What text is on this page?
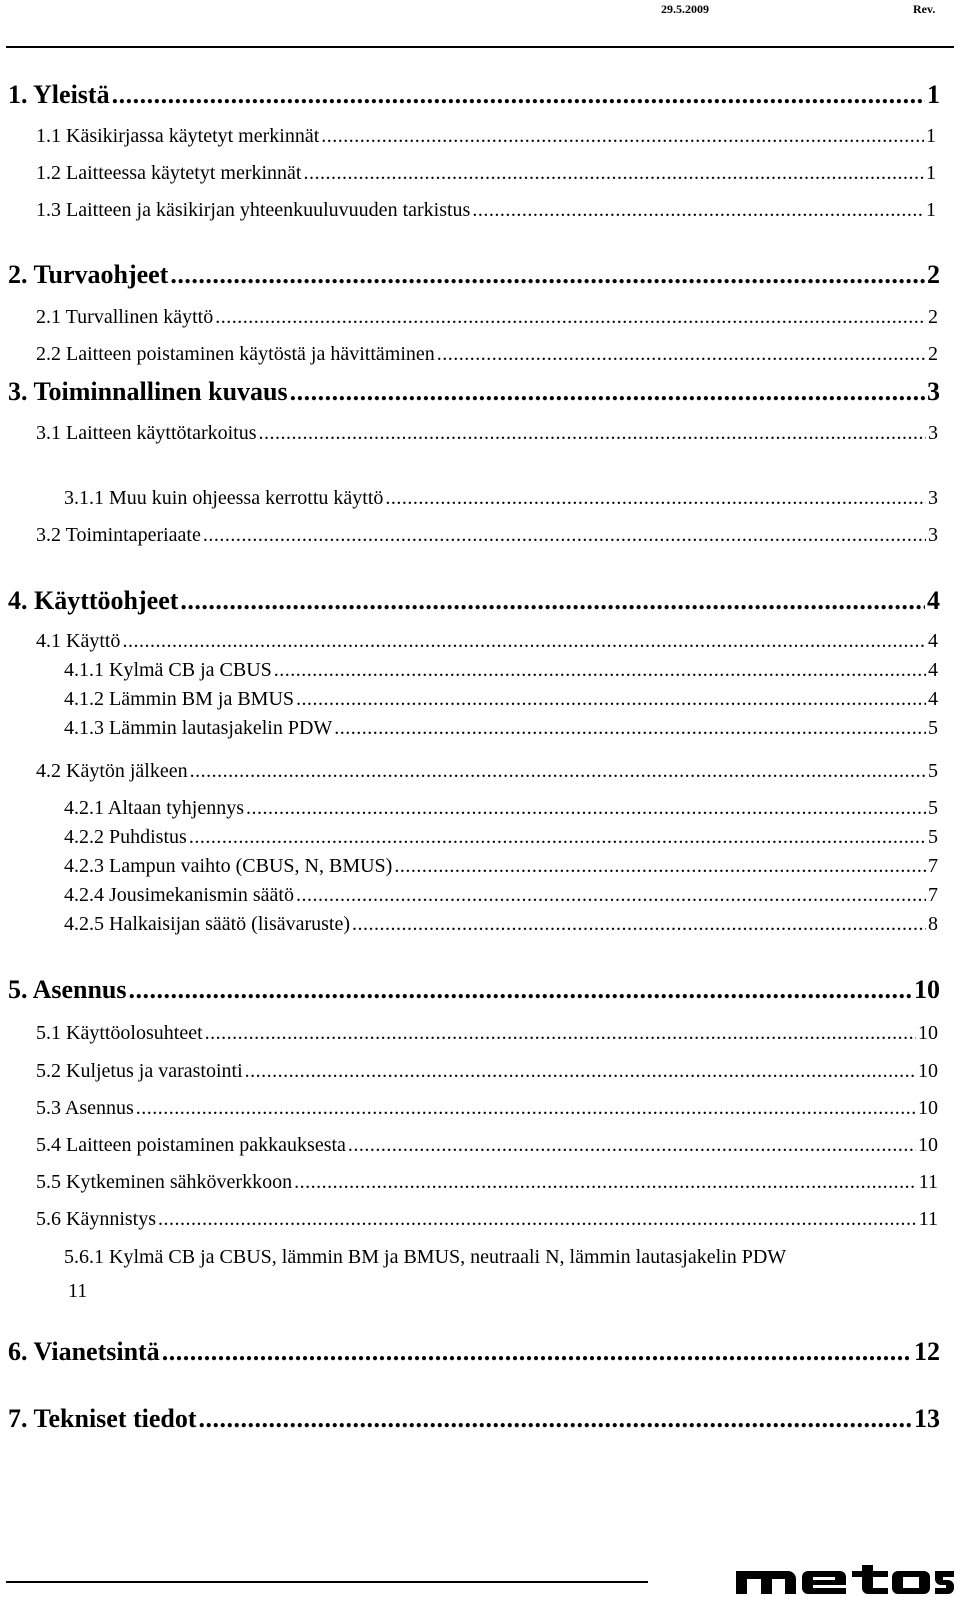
29.5.2009	Rev.
1. Yleistä .....	1
1.1 Käsikirjassa käytetyt merkinnät .....	1
1.2 Laitteessa käytetyt merkinnät .....	1
1.3 Laitteen ja käsikirjan yhteenkuuluvuuden tarkistus .....	1
2. Turvaohjeet .....	2
2.1 Turvallinen käyttö .....	2
2.2 Laitteen poistaminen käytöstä ja hävittäminen .....	2
3. Toiminnallinen kuvaus .....	3
3.1 Laitteen käyttötarkoitus .....	3
3.1.1 Muu kuin ohjeessa kerrottu käyttö .....	3
3.2 Toimintaperiaate .....	3
4. Käyttöohjeet .....	4
4.1 Käyttö .....	4
4.1.1 Kylmä CB ja CBUS .....	4
4.1.2 Lämmin BM ja BMUS .....	4
4.1.3 Lämmin lautasjakelin PDW .....	5
4.2 Käytön jälkeen .....	5
4.2.1 Altaan tyhjennys .....	5
4.2.2 Puhdistus .....	5
4.2.3 Lampun vaihto (CBUS, N, BMUS) .....	7
4.2.4 Jousimekanismin säätö .....	7
4.2.5 Halkaisijan säätö (lisävaruste) .....	8
5. Asennus .....	10
5.1 Käyttöolosuhteet .....	10
5.2 Kuljetus ja varastointi .....	10
5.3 Asennus .....	10
5.4 Laitteen poistaminen pakkauksesta .....	10
5.5 Kytkeminen sähköverkkoon .....	11
5.6 Käynnistys .....	11
5.6.1 Kylmä CB ja CBUS, lämmin BM ja BMUS, neutraali N, lämmin lautasjakelin PDW
11
6. Vianetsintä .....	12
7. Tekniset tiedot .....	13
